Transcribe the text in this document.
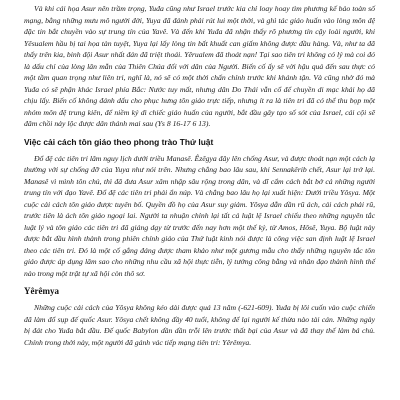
Và khi cái họa Asur nên trầm trọng, Yuđa cũng như Israel trước kia chỉ loay hoay tìm phương kế bảo toàn số mạng, bằng những mưu mô người đời, Yuya đã đánh phải rút lui một thời, và ghì tác giáo huấn vào lòng môn đệ đặc tin bắt chuyền vào sự trung tín của Yavê. Và đến khi Yuđa đã nhận thấy rõ phương tín cậy loài người, khi Yêsualem hầu bị tai họa tàn tuyệt, Yuya lại lấy lòng tin bất khuất can giấm không được đầu hàng. Và, như ta đã thấy trên kia, binh đội Asur nhất đán đã triệt thoái. Yêrualem đã thoát nạn! Tại sao tiên tri không có lý mà coi đó là dấu chỉ của lòng lân mẫn của Thiên Chúa đối với dân của Người. Biến cố ấy sẽ vời hậu quả đến sau thực có một tầm quan trọng như liên tri, nghĩ là, nó sẽ có một thời chấn chỉnh trước khi khánh tận. Và cũng nhờ đó mà Yuđa có sẽ phận khác Israel phía Bắc: Nước tuy mất, nhưng dân Do Thái vẫn cổ để chuyền di mạc khải họ đã chịu lấy. Biến cố không đánh dấu cho phục hưng tôn giáo trực tiếp, nhưng ít ra là tiên tri đã có thể thu bọp một nhóm môn đệ trung kiên, để niềm ký dì chiếc giáo huấn của người, bắt đầu gây tạo số sót của Israel, cái cội sẽ đâm chồi nảy lộc được dân thánh mai sau (Ys 8 16-17 6 13).

Việc cải cách tôn giáo theo phong trào Thứ luật

Đổ đệ các tiên tri lâm nguy lịch dưới triều Manasê. Êzêgya đây lên chống Asur, và được thoát nạn một cách lạ thường với sự chống đỡ của Yuya như nói trên. Nhưng chẳng bao lâu sau, khi Sennakêrib chết, Asur lại trở lại. Manasê vì mình tôn chủ, thì đã đưa Asur xâm nhập sâu rộng trong dân, và dĩ cẩm cách bắt bớ cả những người trung tín với đạo Yavê. Đổ đệ các tiên tri phải ẩn núp. Và chẳng bao lâu họ lại xuất hiện: Dưới triều Yôsya. Một cuộc cải cách tôn giáo được tuyên bố. Quyền đồ họ của Asur suy giảm. Yôsya dẫn dần rũ ách, cải cách phải rũ, trước tiên là ách tôn giáo ngoại lai. Người ta nhuận chỉnh lại tất cả luật lệ Israel chiếu theo những nguyên tắc luật lý và tôn giáo các tiên tri đã giảng dạy từ trước đến nay hơn một thế kỷ, từ Amos, Hôsê, Yuya. Bộ luật này được bắt đầu hình thành trong phiên chính giáo của Thứ luật kinh nói được là công việc san định luật lệ Israel theo các tiên tri. Đó là một cố gắng đáng được tham khảo như một gương mẫu cho thấy những nguyên tắc tôn giáo được áp dụng lăm sao cho những nhu cầu xã hội thực tiễn, lý tưởng công bằng và nhân đạo thành hình thế nào trong một trật tự xã hội còn thô sơ.

Yêrêmya

Những cuộc cải cách của Yôsya không kéo dài được quá 13 năm (-621-609). Yuđa bị lôi cuốn vào cuộc chiến đã làm đổ sụp đế quốc Asur. Yôsya chết không đầy 40 tuổi, không để lại người kế thừa nào tài cán. Những ngày bị đát cho Yuđa bắt đầu. Đế quốc Babylon dần dần trỗi lên trước thất bại của Asur và đã thay thế làm bá chủ. Chính trong thời này, một người đã gánh vác tiếp mạng tiên tri: Yêrêmya.
